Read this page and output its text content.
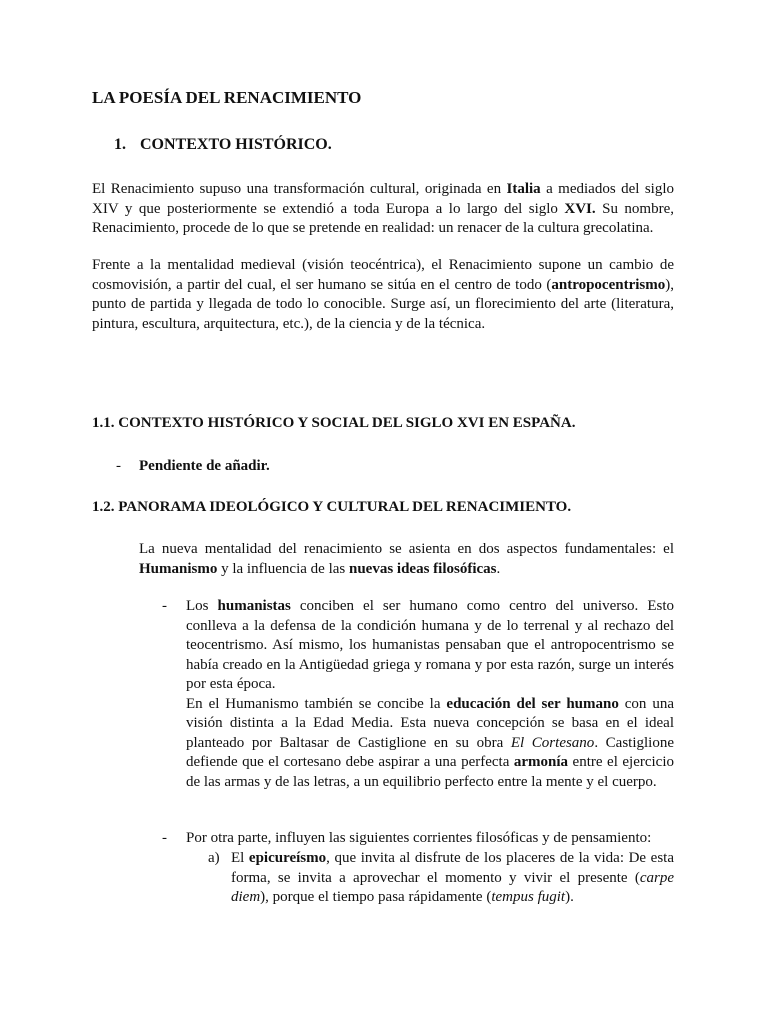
LA POESÍA DEL RENACIMIENTO
1. CONTEXTO HISTÓRICO.

El Renacimiento supuso una transformación cultural, originada en Italia a mediados del siglo XIV y que posteriormente se extendió a toda Europa a lo largo del siglo XVI. Su nombre, Renacimiento, procede de lo que se pretende en realidad: un renacer de la cultura grecolatina.

Frente a la mentalidad medieval (visión teocéntrica), el Renacimiento supone un cambio de cosmovisión, a partir del cual, el ser humano se sitúa en el centro de todo (antropocentrismo), punto de partida y llegada de todo lo conocible. Surge así, un florecimiento del arte (literatura, pintura, escultura, arquitectura, etc.), de la ciencia y de la técnica.

1.1. CONTEXTO HISTÓRICO Y SOCIAL DEL SIGLO XVI EN ESPAÑA.
-	Pendiente de añadir.
1.2. PANORAMA IDEOLÓGICO Y CULTURAL DEL RENACIMIENTO.

La nueva mentalidad del renacimiento se asienta en dos aspectos fundamentales: el Humanismo y la influencia de las nuevas ideas filosóficas.

- Los humanistas conciben el ser humano como centro del universo. Esto conlleva a la defensa de la condición humana y de lo terrenal y al rechazo del teocentrismo. Así mismo, los humanistas pensaban que el antropocentrismo se había creado en la Antigüedad griega y romana y por esta razón, surge un interés por esta época.

En el Humanismo también se concibe la educación del ser humano con una visión distinta a la Edad Media. Esta nueva concepción se basa en el ideal planteado por Baltasar de Castiglione en su obra El Cortesano. Castiglione defiende que el cortesano debe aspirar a una perfecta armonía entre el ejercicio de las armas y de las letras, a un equilibrio perfecto entre la mente y el cuerpo.

- Por otra parte, influyen las siguientes corrientes filosóficas y de pensamiento:

a) El epicureísmo, que invita al disfrute de los placeres de la vida: De esta forma, se invita a aprovechar el momento y vivir el presente (carpe diem), porque el tiempo pasa rápidamente (tempus fugit).
